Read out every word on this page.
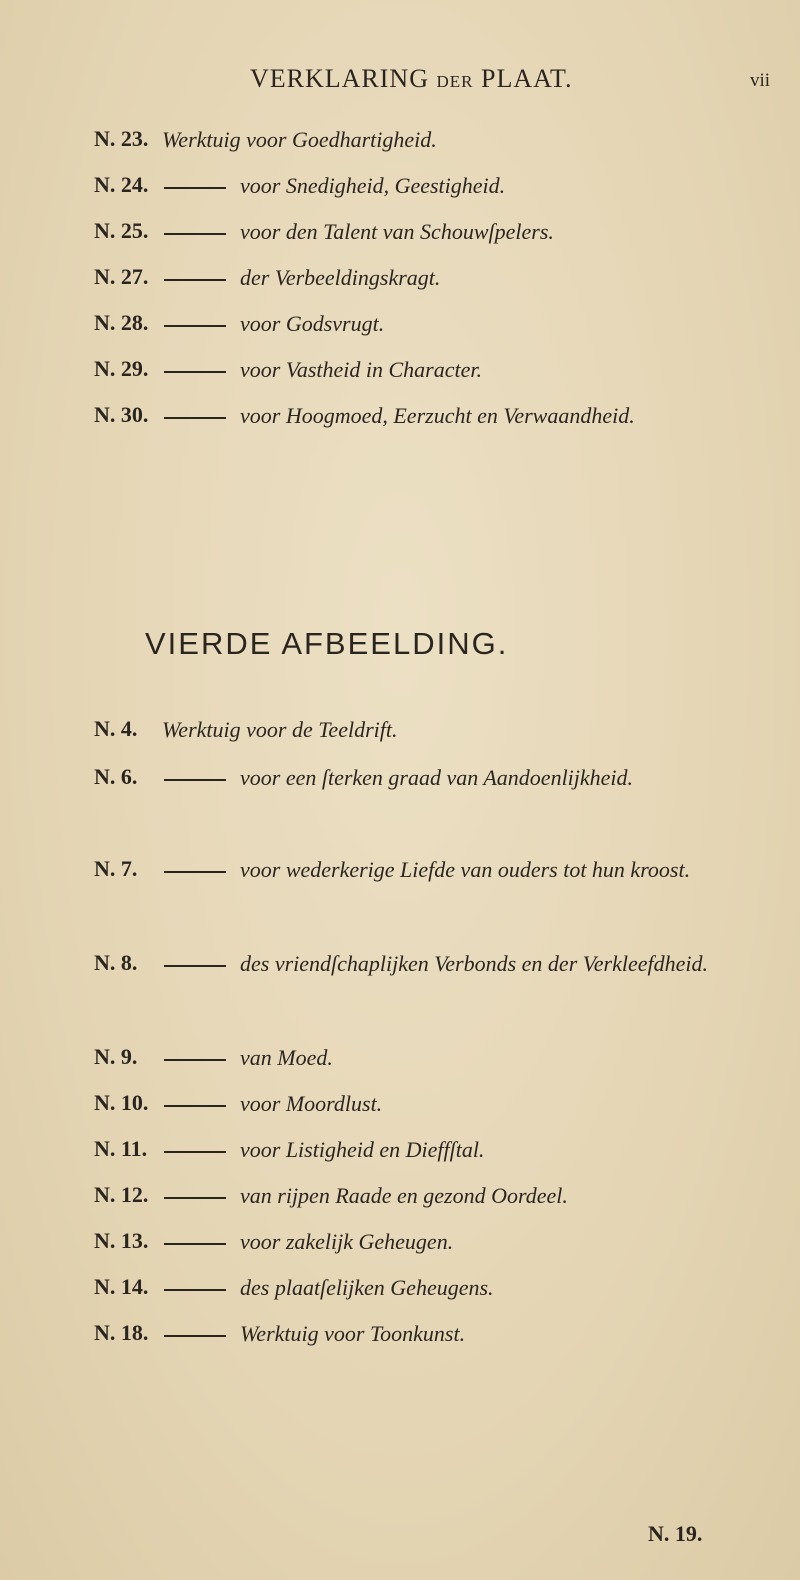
VERKLARING DER PLAAT.	vii
N. 23. Werktuig voor Goedhartigheid.
N. 24.	voor Snedigheid, Geestigheid.
N. 25.	voor den Talent van Schouwſpelers.
N. 27.	der Verbeeldingskragt.
N. 28.	voor Godsvrugt.
N. 29.	voor Vastheid in Character.
N. 30.	voor Hoogmoed, Eerzucht en Verwaandheid.
VIERDE AFBEELDING.
N. 4. Werktuig voor de Teeldrift.
N. 6.	voor een ſterken graad van Aandoenlijkheid.
N. 7.	voor wederkerige Liefde van ouders tot hun kroost.
N. 8.	des vriendſchaplijken Verbonds en der Verkleefdheid.
N. 9.	van Moed.
N. 10.	voor Moordlust.
N. 11.	voor Listigheid en Dieffſtal.
N. 12.	van rijpen Raade en gezond Oordeel.
N. 13.	voor zakelijk Geheugen.
N. 14.	des plaatſelijken Geheugens.
N. 18.	Werktuig voor Toonkunst.
N. 19.
